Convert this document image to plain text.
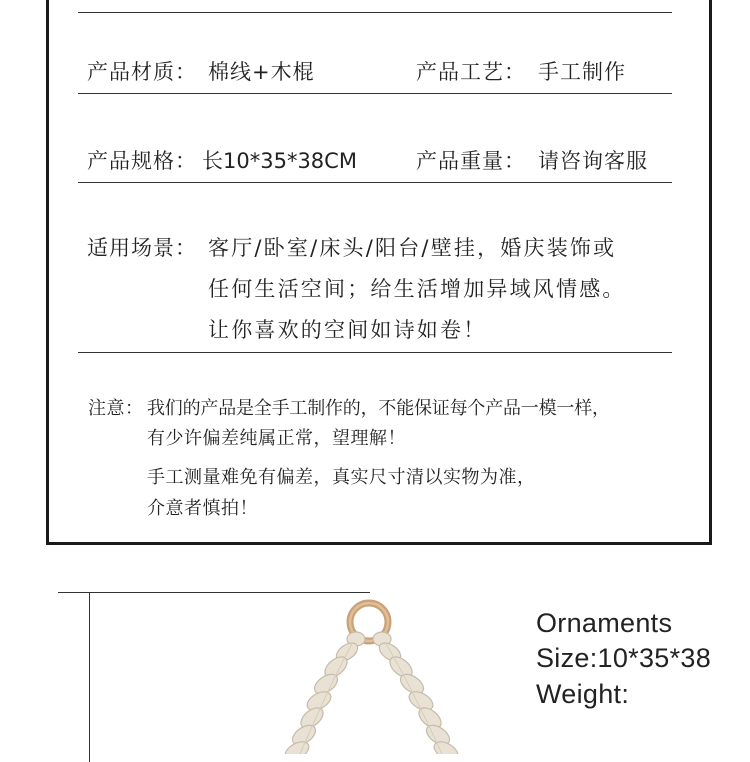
产品材质： 棉线+木棍	产品工艺： 手工制作
产品规格： 长10*35*38CM	产品重量： 请咨询客服
适用场景： 客厅/卧室/床头/阳台/壁挂，婚庆装饰或
任何生活空间；给生活增加异域风情感。
让你喜欢的空间如诗如卷！
注意： 我们的产品是全手工制作的，不能保证每个产品一模一样，
有少许偏差纯属正常，望理解！
手工测量难免有偏差，真实尺寸清以实物为准，
介意者慎拍！
Ornaments
Size:10*35*38
Weight:
